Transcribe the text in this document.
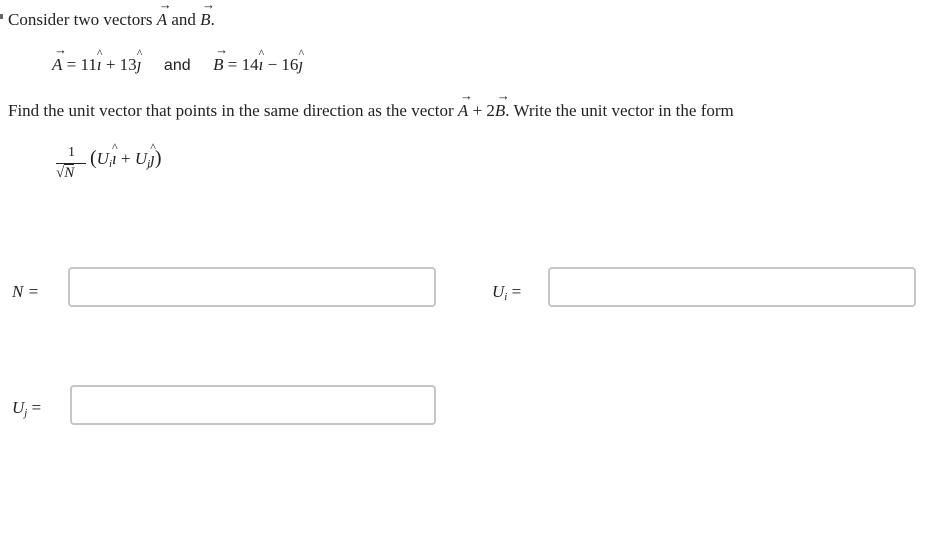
Consider two vectors → A and → B.
→ A = 11^ ı + 13^ ȷ and → B = 14^ ı − 16^ ȷ
Find the unit vector that points in the same direction as the vector → A + 2→ B. Write the unit vector in the form
1
√N
($U_i\^{}$ ı + $U_j\^{}$ ȷ)
N =	$U_i$ =
$U_j$ =
